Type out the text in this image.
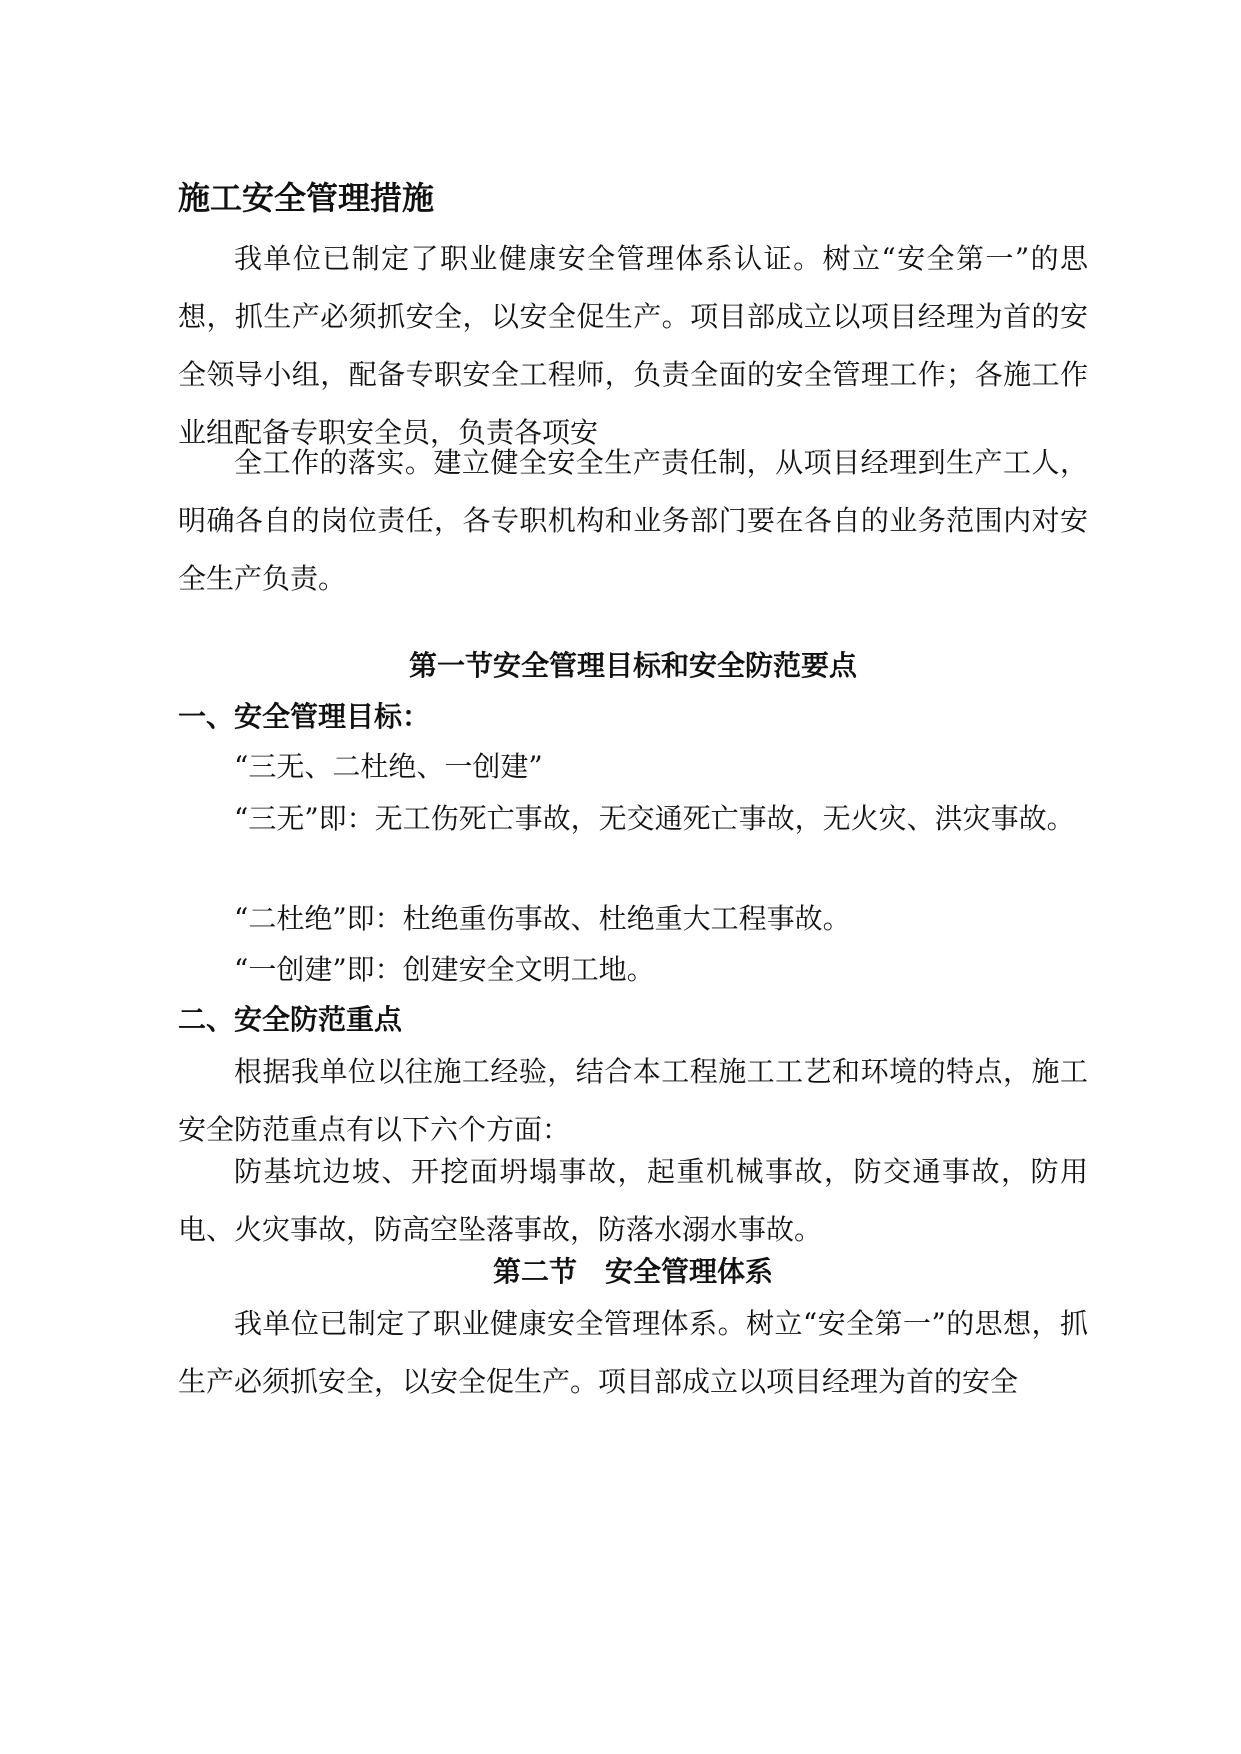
施工安全管理措施

我单位已制定了职业健康安全管理体系认证。树立“安全第一”的思想，抓生产必须抓安全，以安全促生产。项目部成立以项目经理为首的安全领导小组，配备专职安全工程师，负责全面的安全管理工作；各施工作业组配备专职安全员，负责各项安

全工作的落实。建立健全安全生产责任制，从项目经理到生产工人，明确各自的岗位责任，各专职机构和业务部门要在各自的业务范围内对安全生产负责。

第一节安全管理目标和安全防范要点
一、安全管理目标：

“三无、二杜绝、一创建”

“三无”即：无工伤死亡事故，无交通死亡事故，无火灾、洪灾事故。

“二杜绝”即：杜绝重伤事故、杜绝重大工程事故。

“一创建”即：创建安全文明工地。

二、安全防范重点

根据我单位以往施工经验，结合本工程施工工艺和环境的特点，施工安全防范重点有以下六个方面：

防基坑边坡、开挖面坍塌事故，起重机械事故，防交通事故，防用电、火灾事故，防高空坠落事故，防落水溺水事故。

第二节　安全管理体系

我单位已制定了职业健康安全管理体系。树立“安全第一”的思想，抓生产必须抓安全，以安全促生产。项目部成立以项目经理为首的安全
